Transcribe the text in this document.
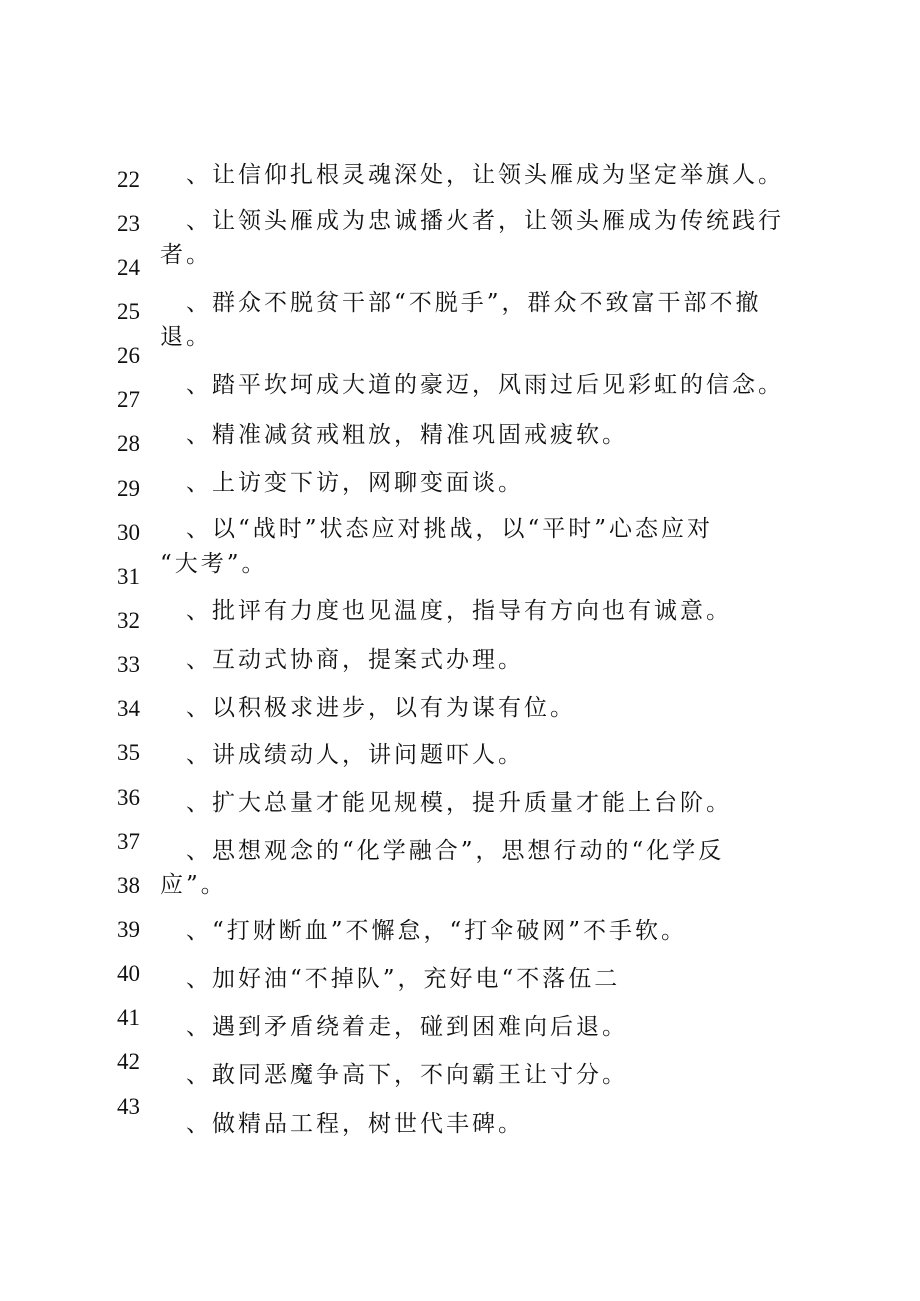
22
23
24
25
26
27
28
29
30
31
32
33
34
35
36
37
38
39
40
41
42
43
　、让信仰扎根灵魂深处，让领头雁成为坚定举旗人。
　、让领头雁成为忠诚播火者，让领头雁成为传统践行
者。
　、群众不脱贫干部“不脱手”，群众不致富干部不撤
退。
　、踏平坎坷成大道的豪迈，风雨过后见彩虹的信念。
　、精准减贫戒粗放，精准巩固戒疲软。
　、上访变下访，网聊变面谈。
　、以“战时”状态应对挑战，以“平时”心态应对
“大考”。
　、批评有力度也见温度，指导有方向也有诚意。
　、互动式协商，提案式办理。
　、以积极求进步，以有为谋有位。
　、讲成绩动人，讲问题吓人。
　、扩大总量才能见规模，提升质量才能上台阶。
　、思想观念的“化学融合”，思想行动的“化学反
应”。
　、“打财断血”不懈怠，“打伞破网”不手软。
　、加好油“不掉队”，充好电“不落伍二
　、遇到矛盾绕着走，碰到困难向后退。
　、敢同恶魔争高下，不向霸王让寸分。
　、做精品工程，树世代丰碑。
